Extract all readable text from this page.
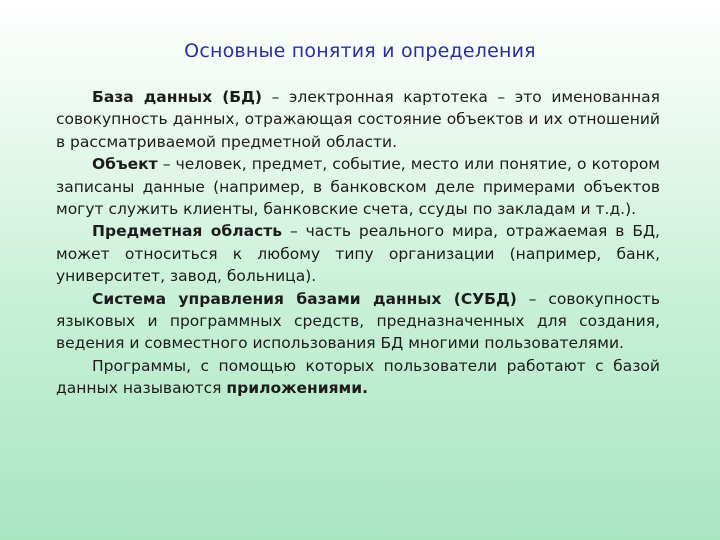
Основные понятия и определения

База данных (БД) – электронная картотека – это именованная совокупность данных, отражающая состояние объектов и их отношений в рассматриваемой предметной области.

Объект – человек, предмет, событие, место или понятие, о котором записаны данные (например, в банковском деле примерами объектов могут служить клиенты, банковские счета, ссуды по закладам и т.д.).

Предметная область – часть реального мира, отражаемая в БД, может относиться к любому типу организации (например, банк, университет, завод, больница).

Система управления базами данных (СУБД) – совокупность языковых и программных средств, предназначенных для создания, ведения и совместного использования БД многими пользователями.

Программы, с помощью которых пользователи работают с базой данных называются приложениями.
